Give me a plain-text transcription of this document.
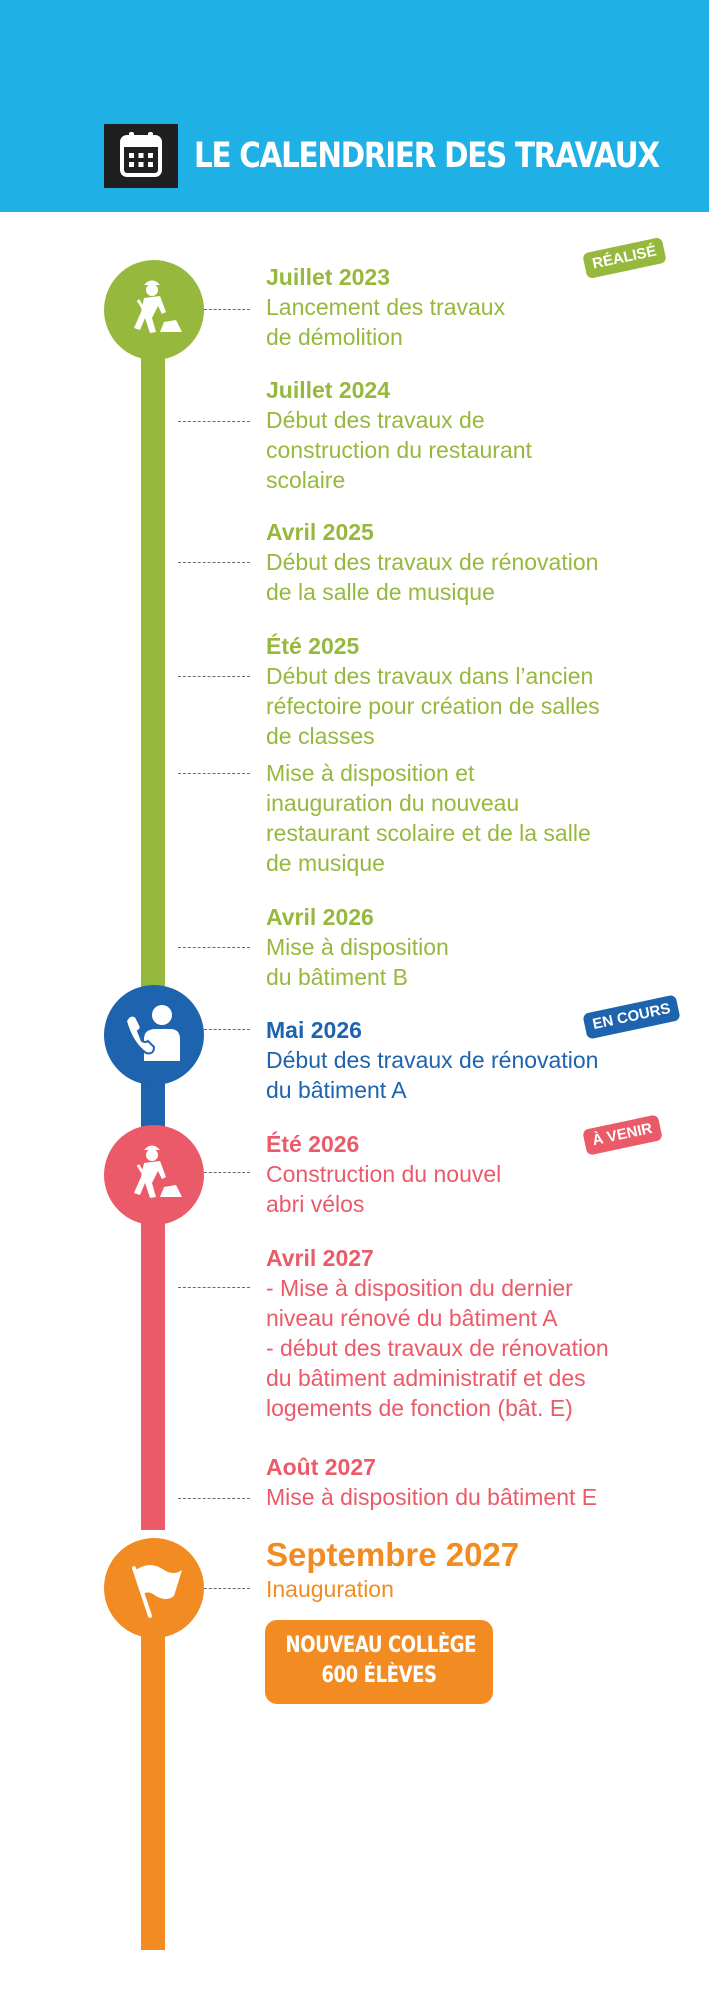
LE CALENDRIER DES TRAVAUX
RÉALISÉ
EN COURS
À VENIR
Juillet 2023
Lancement des travaux
de démolition
Juillet 2024
Début des travaux de
construction du restaurant
scolaire
Avril 2025
Début des travaux de rénovation
de la salle de musique
Été 2025
Début des travaux dans l’ancien
réfectoire pour création de salles
de classes
Mise à disposition et
inauguration du nouveau
restaurant scolaire et de la salle
de musique
Avril 2026
Mise à disposition
du bâtiment B
Mai 2026
Début des travaux de rénovation
du bâtiment A
Été 2026
Construction du nouvel
abri vélos
Avril 2027
- Mise à disposition du dernier
niveau rénové du bâtiment A
- début des travaux de rénovation
du bâtiment administratif et des
logements de fonction (bât. E)
Août 2027
Mise à disposition du bâtiment E
Septembre 2027
Inauguration
NOUVEAU COLLÈGE
600 ÉLÈVES
